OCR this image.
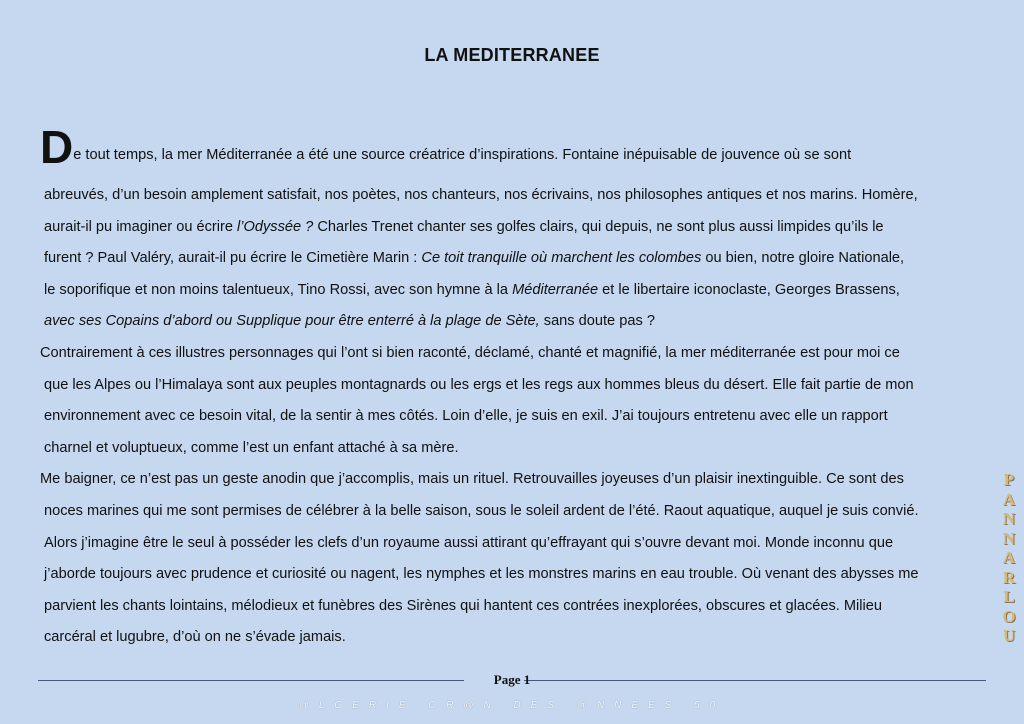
LA MEDITERRANEE
De tout temps, la mer Méditerranée a été une source créatrice d’inspirations. Fontaine inépuisable de jouvence où se sont
abreuvés, d’un besoin amplement satisfait, nos poètes, nos chanteurs, nos écrivains, nos philosophes antiques et nos marins. Homère,
aurait-il pu imaginer ou écrire l’Odyssée ? Charles Trenet chanter ses golfes clairs, qui depuis, ne sont plus aussi limpides qu’ils le
furent ? Paul Valéry, aurait-il pu écrire le Cimetière Marin : Ce toit tranquille où marchent les colombes ou bien, notre gloire Nationale,
le soporifique et non moins talentueux, Tino Rossi, avec son hymne à la Méditerranée et le libertaire iconoclaste, Georges Brassens,
avec ses Copains d’abord ou Supplique pour être enterré à la plage de Sète, sans doute pas ?
Contrairement à ces illustres personnages qui l’ont si bien raconté, déclamé, chanté et magnifié, la mer méditerranée est pour moi ce
que les Alpes ou l’Himalaya sont aux peuples montagnards ou les ergs et les regs aux hommes bleus du désert. Elle fait partie de mon
environnement avec ce besoin vital, de la sentir à mes côtés. Loin d’elle, je suis en exil. J’ai toujours entretenu avec elle un rapport
charnel et voluptueux, comme l’est un enfant attaché à sa mère.
Me baigner, ce n’est pas un geste anodin que j’accomplis, mais un rituel. Retrouvailles joyeuses d’un plaisir inextinguible. Ce sont des
noces marines qui me sont permises de célébrer à la belle saison, sous le soleil ardent de l’été. Raout aquatique, auquel je suis convié.
Alors j’imagine être le seul à posséder les clefs d’un royaume aussi attirant qu’effrayant qui s’ouvre devant moi. Monde inconnu que
j’aborde toujours avec prudence et curiosité ou nagent, les nymphes et les monstres marins en eau trouble. Où venant des abysses me
parvient les chants lointains, mélodieux et funèbres des Sirènes qui hantent ces contrées inexplorées, obscures et glacées. Milieu
carcéral et lugubre, d’où on ne s’évade jamais.
Page 1
@LGERIE OR@N DES @NNEES 50
P
A
N
N
A
R
L
O
U
